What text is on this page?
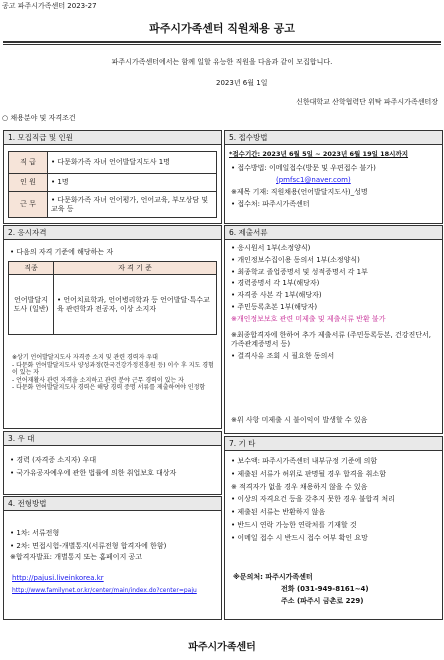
공고 파주시가족센터 2023-27
파주시가족센터 직원채용 공고
파주시가족센터에서는 함께 일할 유능한 직원을 다음과 같이 모집합니다.
2023년 6월 1일
신한대학교 산학협력단 위탁 파주시가족센터장
○ 채용분야 및 자격조건
1. 모집직급 및 인원
직 급	• 다문화가족 자녀 언어발달지도사 1명
인 원	• 1명
근 무	• 다문화가족 자녀 언어평가, 언어교육, 부모상담 및 교육 등
2. 응시자격
• 다음의 자격 기준에 해당하는 자
직종	자 격 기 준
언어발달지도사 (일반)	• 언어치료학과, 언어병리학과 등 언어발달·특수교육 관련학과 전공자, 이상 소지자
※상기 언어발달지도사 자격증 소지 및 관련 경력자 우대
- 다문화 언어발달지도사 양성과정(한국건강가정진흥원 등) 이수 후 지도 경험이 있는 자
- 언어재활사 관련 자격을 소지하고 관련 분야 근무 경력이 있는 자
- 다문화 언어발달지도사 경력은 해당 경력 증명 서류를 제출하여야 인정함
3. 우 대
• 경력 (자격증 소지자) 우대
• 국가유공자예우에 관한 법률에 의한 취업보호 대상자
4. 전형방법
• 1차: 서류전형
• 2차: 면접시험-개별통지(서류전형 합격자에 한함)
※합격자발표: 개별통지 또는 홈페이지 공고
http://pajusi.liveinkorea.kr
http://www.familynet.or.kr/center/main/index.do?center=paju
5. 접수방법
*접수기간: 2023년 6월 5일 ~ 2023년 6월 19일 18시까지
• 접수방법: 이메일접수(방문 및 우편접수 불가)
(pmfsc1@naver.com)
※제목 기재: 직원채용(언어발달지도사)_성명
• 접수처: 파주시가족센터
6. 제출서류
• 응시원서 1부(소정양식)
• 개인정보수집이용 동의서 1부(소정양식)
• 최종학교 졸업증명서 및 성적증명서 각 1부
• 경력증명서 각 1부(해당자)
• 자격증 사본 각 1부(해당자)
• 주민등록초본 1부(해당자)
※개인정보보호 관련 미제출 및 제출서류 반환 불가
※최종합격자에 한하여 추가 제출서류 (주민등록등본, 건강진단서, 가족관계증명서 등)
• 결격사유 조회 시 필요한 동의서
※위 사항 미제출 시 불이익이 발생할 수 있음
7. 기 타
• 보수액: 파주시가족센터 내부규정 기준에 의함
• 제출된 서류가 허위로 판명될 경우 합격을 취소함
※ 적격자가 없을 경우 채용하지 않을 수 있음
• 이상의 자격요건 등을 갖추지 못한 경우 불합격 처리
• 제출된 서류는 반환하지 않음
• 반드시 연락 가능한 연락처를 기재할 것
• 이메일 접수 시 반드시 접수 여부 확인 요망
※문의처: 파주시가족센터
전화 (031-949-8161~4)
주소 (파주시 금촌로 229)
파주시가족센터
